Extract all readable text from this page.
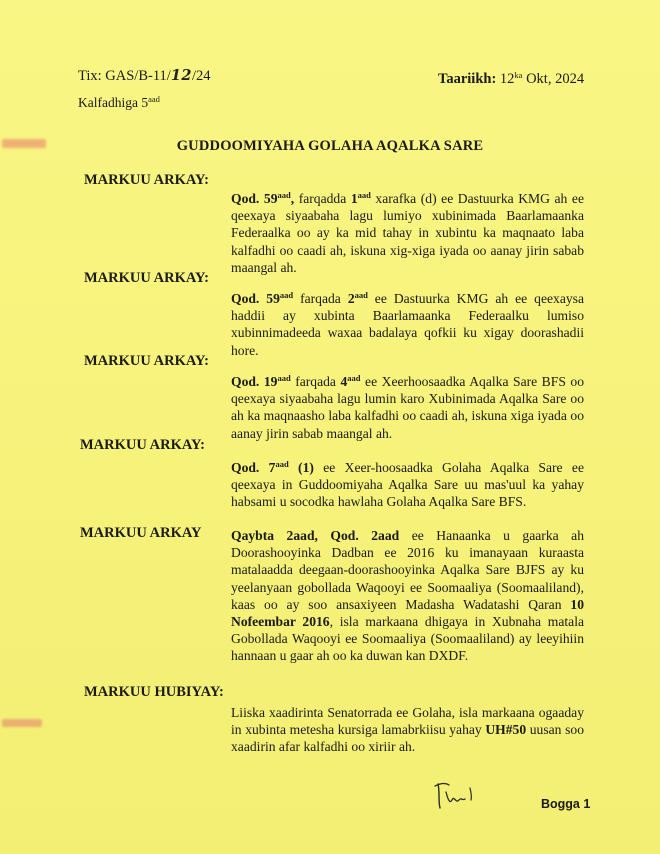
Tix: GAS/B-11/12/24	Taariikh: $12^{ka}$ Okt, 2024
Kalfadhiga $5^{aad}$
GUDDOOMIYAHA GOLAHA AQALKA SARE
MARKUU ARKAY:
MARKUU ARKAY:
MARKUU ARKAY:
MARKUU ARKAY:
MARKUU ARKAY
MARKUU HUBIYAY:
Qod. $59^{aad}$, farqadda $1^{aad}$ xarafka (d) ee Dastuurka KMG ah ee qeexaya siyaabaha lagu lumiyo xubinimada Baarlamaanka Federaalka oo ay ka mid tahay in xubintu ka maqnaato laba kalfadhi oo caadi ah, iskuna xig-xiga iyada oo aanay jirin sabab maangal ah.
Qod. $59^{aad}$ farqada $2^{aad}$ ee Dastuurka KMG ah ee qeexaysa haddii ay xubinta Baarlamaanka Federaalku lumiso xubinnimadeeda waxaa badalaya qofkii ku xigay doorashadii hore.
Qod. $19^{aad}$ farqada $4^{aad}$ ee Xeerhoosaadka Aqalka Sare BFS oo qeexaya siyaabaha lagu lumin karo Xubinimada Aqalka Sare oo ah ka maqnaasho laba kalfadhi oo caadi ah, iskuna xiga iyada oo aanay jirin sabab maangal ah.
Qod. $7^{aad}$ (1) ee Xeer-hoosaadka Golaha Aqalka Sare ee qeexaya in Guddoomiyaha Aqalka Sare uu mas'uul ka yahay habsami u socodka hawlaha Golaha Aqalka Sare BFS.
Qaybta 2aad, Qod. 2aad ee Hanaanka u gaarka ah Doorashooyinka Dadban ee 2016 ku imanayaan kuraasta matalaadda deegaan-doorashooyinka Aqalka Sare BJFS ay ku yeelanyaan gobollada Waqooyi ee Soomaaliya (Soomaaliland), kaas oo ay soo ansaxiyeen Madasha Wadatashi Qaran 10 Nofeembar 2016, isla markaana dhigaya in Xubnaha matala Gobollada Waqooyi ee Soomaaliya (Soomaaliland) ay leeyihiin hannaan u gaar ah oo ka duwan kan DXDF.
Liiska xaadirinta Senatorrada ee Golaha, isla markaana ogaaday in xubinta metesha kursiga lamabrkiisu yahay UH#50 uusan soo xaadirin afar kalfadhi oo xiriir ah.
Bogga 1
